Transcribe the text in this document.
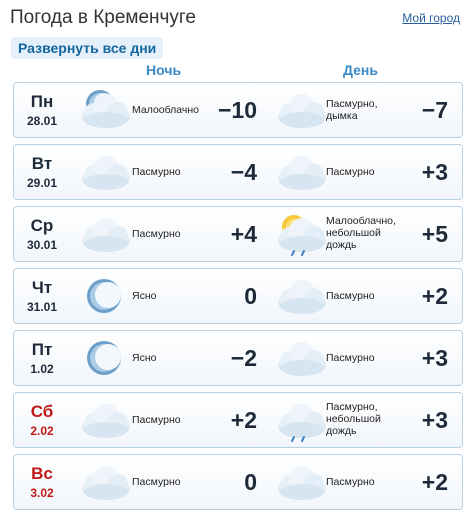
Погода в Кременчуге	Мой город
Развернуть все дни
Ночь	День
Пн
28.01
Малооблачно −10	Пасмурно, дымка	−7
Вт
29.01
Пасмурно	−4	Пасмурно	+3
Ср
30.01
Пасмурно	+4	Малооблачно, небольшой дождь	+5
Чт
31.01
Ясно	0	Пасмурно	+2
Пт
1.02
Ясно	−2	Пасмурно	+3
Сб
2.02
Пасмурно	+2	Пасмурно, небольшой дождь	+3
Вс
3.02
Пасмурно	0	Пасмурно	+2
